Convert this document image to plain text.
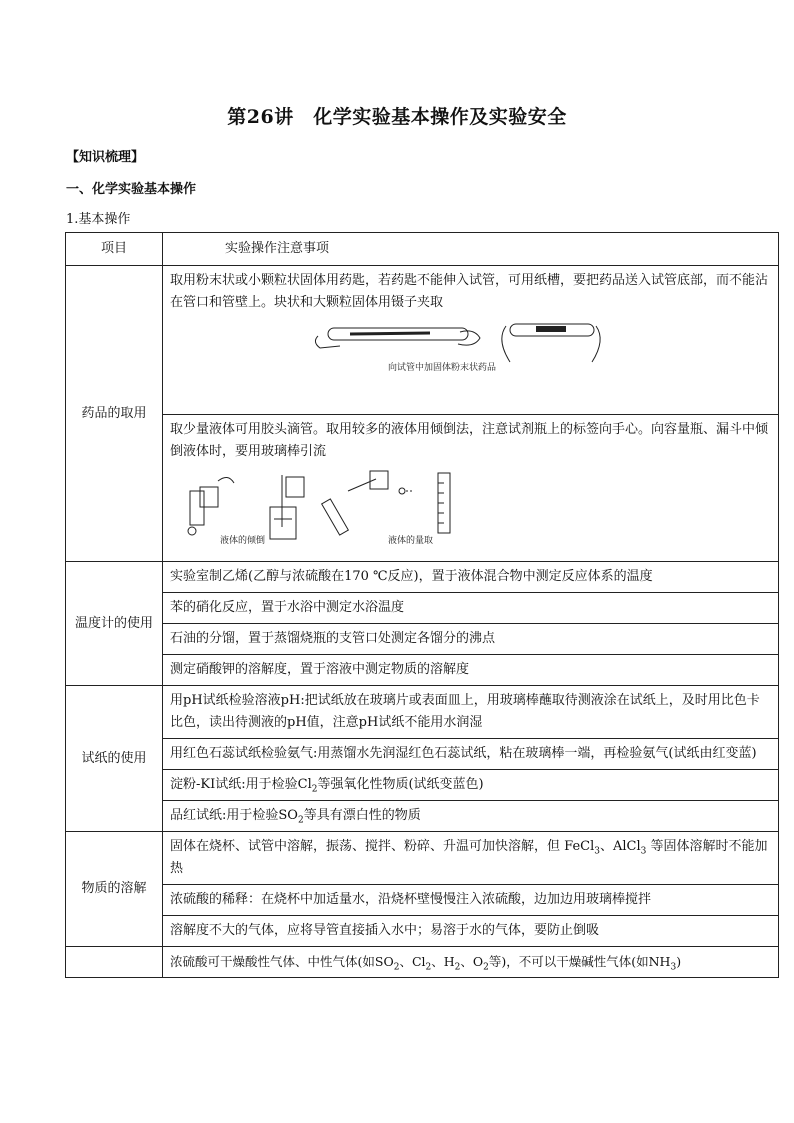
第26讲　化学实验基本操作及实验安全
【知识梳理】
一、化学实验基本操作
1.基本操作
项目	实验操作注意事项
药品的取用	取用粉末状或小颗粒状固体用药匙，若药匙不能伸入试管，可用纸槽，要把药品送入试管底部，而不能沾在管口和管壁上。块状和大颗粒固体用镊子夹取
向试管中加固体粉末状药品

	取少量液体可用胶头滴管。取用较多的液体用倾倒法，注意试剂瓶上的标签向手心。向容量瓶、漏斗中倾倒液体时，要用玻璃棒引流
液体的倾倒 液体的量取

温度计的使用	实验室制乙烯(乙醇与浓硫酸在170 ℃反应)，置于液体混合物中测定反应体系的温度
	苯的硝化反应，置于水浴中测定水浴温度
	石油的分馏，置于蒸馏烧瓶的支管口处测定各馏分的沸点
	测定硝酸钾的溶解度，置于溶液中测定物质的溶解度
试纸的使用	用pH试纸检验溶液pH:把试纸放在玻璃片或表面皿上，用玻璃棒蘸取待测液涂在试纸上，及时用比色卡比色，读出待测液的pH值，注意pH试纸不能用水润湿
	用红色石蕊试纸检验氨气:用蒸馏水先润湿红色石蕊试纸，粘在玻璃棒一端，再检验氨气(试纸由红变蓝)
	淀粉-KI试纸:用于检验$Cl_2$等强氧化性物质(试纸变蓝色)
	品红试纸:用于检验$SO_2$等具有漂白性的物质
物质的溶解	固体在烧杯、试管中溶解，振荡、搅拌、粉碎、升温可加快溶解，但 FeCl$_3$、AlCl$_3$ 等固体溶解时不能加热
	浓硫酸的稀释：在烧杯中加适量水，沿烧杯壁慢慢注入浓硫酸，边加边用玻璃棒搅拌
	溶解度不大的气体，应将导管直接插入水中；易溶于水的气体，要防止倒吸
	浓硫酸可干燥酸性气体、中性气体(如$SO_2$、$Cl_2$、$H_2$、$O_2$等)，不可以干燥碱性气体(如$NH_3$)
